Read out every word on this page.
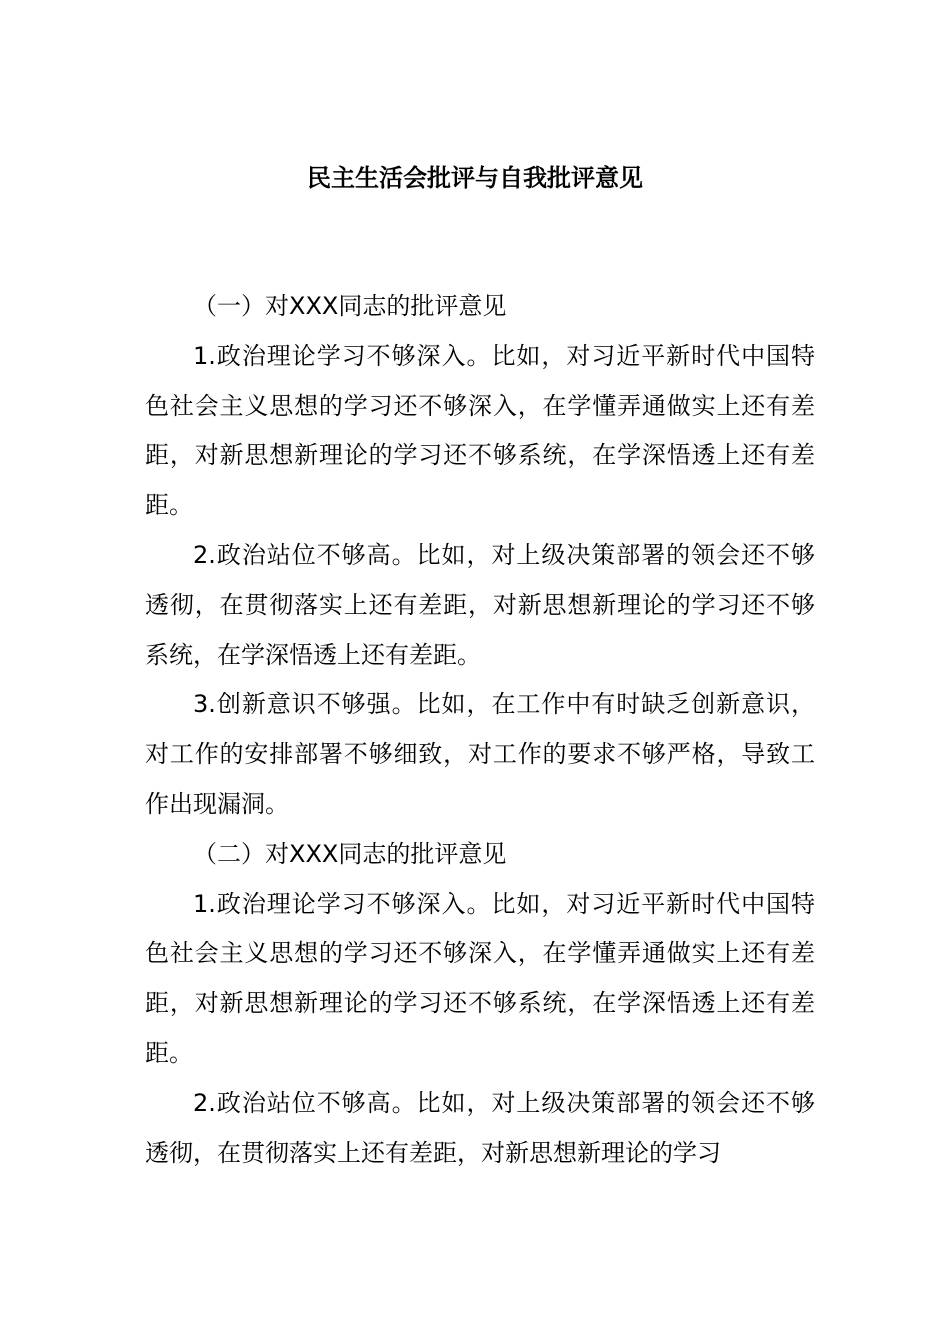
民主生活会批评与自我批评意见

（一）对XXX同志的批评意见

1.政治理论学习不够深入。比如，对习近平新时代中国特色社会主义思想的学习还不够深入，在学懂弄通做实上还有差距，对新思想新理论的学习还不够系统，在学深悟透上还有差距。

2.政治站位不够高。比如，对上级决策部署的领会还不够透彻，在贯彻落实上还有差距，对新思想新理论的学习还不够系统，在学深悟透上还有差距。

3.创新意识不够强。比如，在工作中有时缺乏创新意识，对工作的安排部署不够细致，对工作的要求不够严格，导致工作出现漏洞。

（二）对XXX同志的批评意见

1.政治理论学习不够深入。比如，对习近平新时代中国特色社会主义思想的学习还不够深入，在学懂弄通做实上还有差距，对新思想新理论的学习还不够系统，在学深悟透上还有差距。

2.政治站位不够高。比如，对上级决策部署的领会还不够透彻，在贯彻落实上还有差距，对新思想新理论的学习
